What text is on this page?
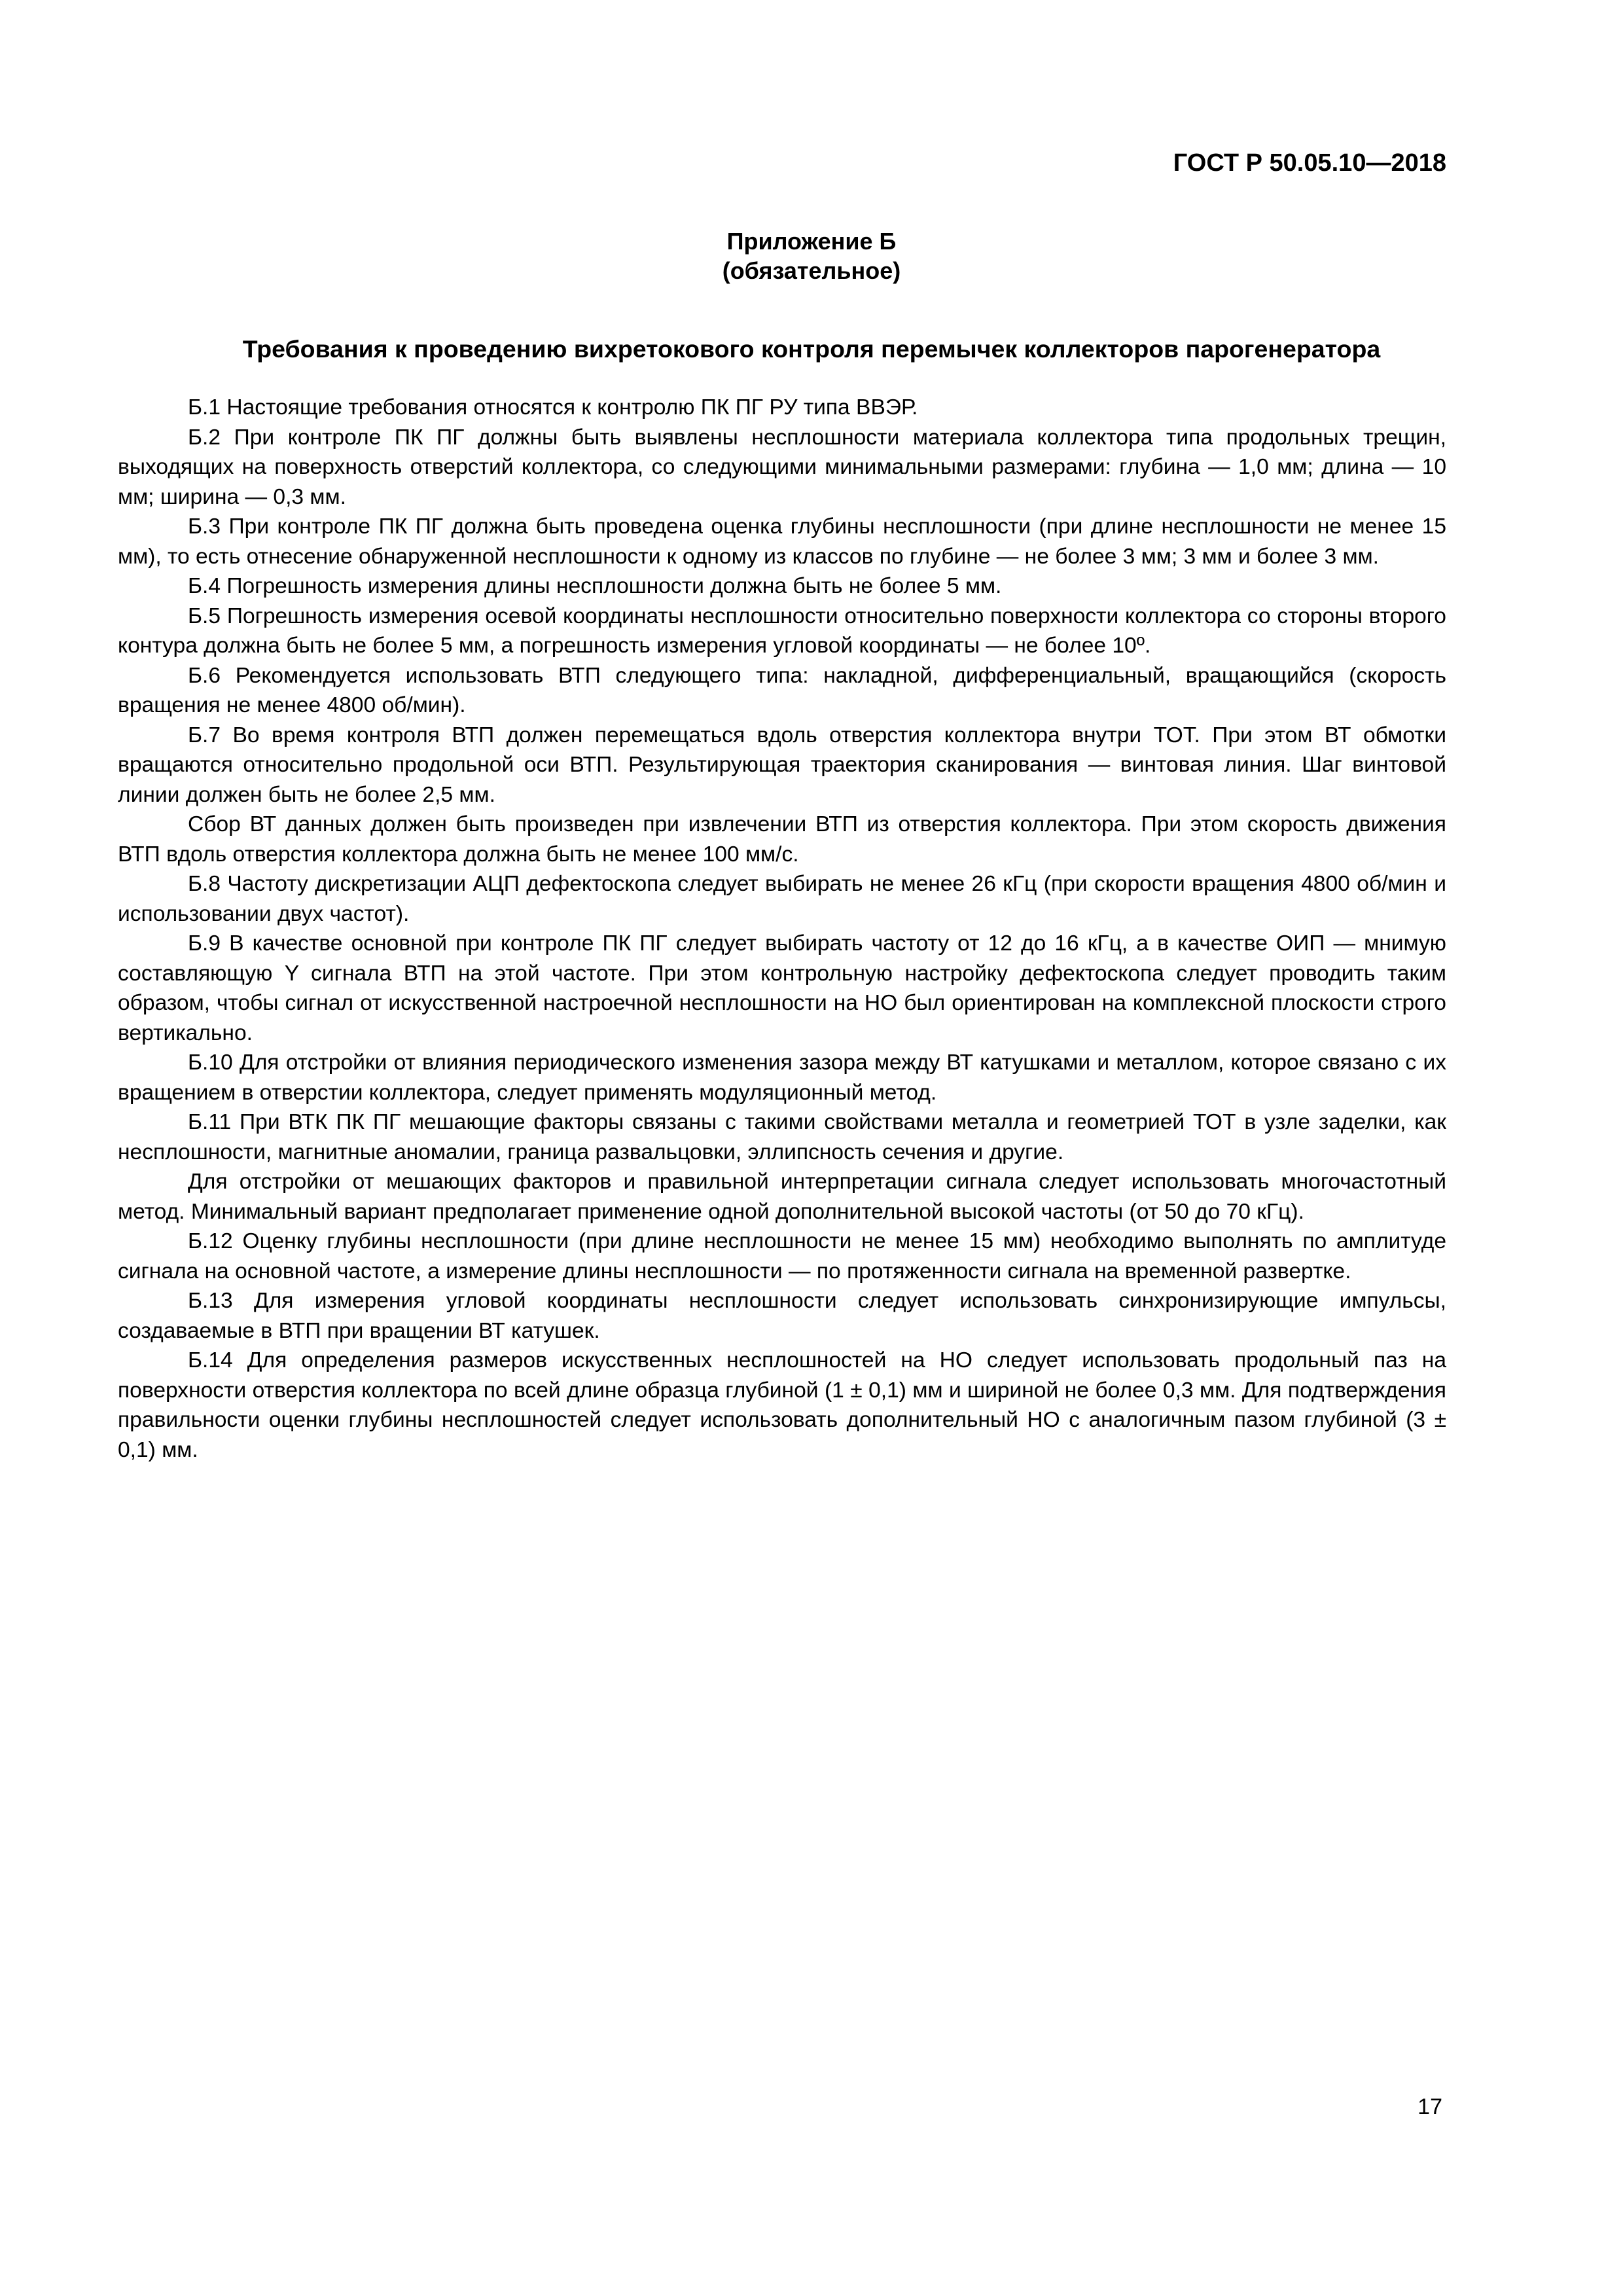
ГОСТ Р 50.05.10—2018
Приложение Б
(обязательное)
Требования к проведению вихретокового контроля перемычек коллекторов парогенератора

Б.1 Настоящие требования относятся к контролю ПК ПГ РУ типа ВВЭР.

Б.2 При контроле ПК ПГ должны быть выявлены несплошности материала коллектора типа продольных трещин, выходящих на поверхность отверстий коллектора, со следующими минимальными размерами: глубина — 1,0 мм; длина — 10 мм; ширина — 0,3 мм.

Б.3 При контроле ПК ПГ должна быть проведена оценка глубины несплошности (при длине несплошности не менее 15 мм), то есть отнесение обнаруженной несплошности к одному из классов по глубине — не более 3 мм; 3 мм и более 3 мм.

Б.4 Погрешность измерения длины несплошности должна быть не более 5 мм.

Б.5 Погрешность измерения осевой координаты несплошности относительно поверхности коллектора со стороны второго контура должна быть не более 5 мм, а погрешность измерения угловой координаты — не более 10º.

Б.6 Рекомендуется использовать ВТП следующего типа: накладной, дифференциальный, вращающийся (скорость вращения не менее 4800 об/мин).

Б.7 Во время контроля ВТП должен перемещаться вдоль отверстия коллектора внутри ТОТ. При этом ВТ обмотки вращаются относительно продольной оси ВТП. Результирующая траектория сканирования — винтовая линия. Шаг винтовой линии должен быть не более 2,5 мм.

Сбор ВТ данных должен быть произведен при извлечении ВТП из отверстия коллектора. При этом скорость движения ВТП вдоль отверстия коллектора должна быть не менее 100 мм/с.

Б.8 Частоту дискретизации АЦП дефектоскопа следует выбирать не менее 26 кГц (при скорости вращения 4800 об/мин и использовании двух частот).

Б.9 В качестве основной при контроле ПК ПГ следует выбирать частоту от 12 до 16 кГц, а в качестве ОИП — мнимую составляющую Y сигнала ВТП на этой частоте. При этом контрольную настройку дефектоскопа следует проводить таким образом, чтобы сигнал от искусственной настроечной несплошности на НО был ориентирован на комплексной плоскости строго вертикально.

Б.10 Для отстройки от влияния периодического изменения зазора между ВТ катушками и металлом, которое связано с их вращением в отверстии коллектора, следует применять модуляционный метод.

Б.11 При ВТК ПК ПГ мешающие факторы связаны с такими свойствами металла и геометрией ТОТ в узле заделки, как несплошности, магнитные аномалии, граница развальцовки, эллипсность сечения и другие.

Для отстройки от мешающих факторов и правильной интерпретации сигнала следует использовать многочастотный метод. Минимальный вариант предполагает применение одной дополнительной высокой частоты (от 50 до 70 кГц).

Б.12 Оценку глубины несплошности (при длине несплошности не менее 15 мм) необходимо выполнять по амплитуде сигнала на основной частоте, а измерение длины несплошности — по протяженности сигнала на временной развертке.

Б.13 Для измерения угловой координаты несплошности следует использовать синхронизирующие импульсы, создаваемые в ВТП при вращении ВТ катушек.

Б.14 Для определения размеров искусственных несплошностей на НО следует использовать продольный паз на поверхности отверстия коллектора по всей длине образца глубиной (1 ± 0,1) мм и шириной не более 0,3 мм. Для подтверждения правильности оценки глубины несплошностей следует использовать дополнительный НО с аналогичным пазом глубиной (3 ± 0,1) мм.

17
